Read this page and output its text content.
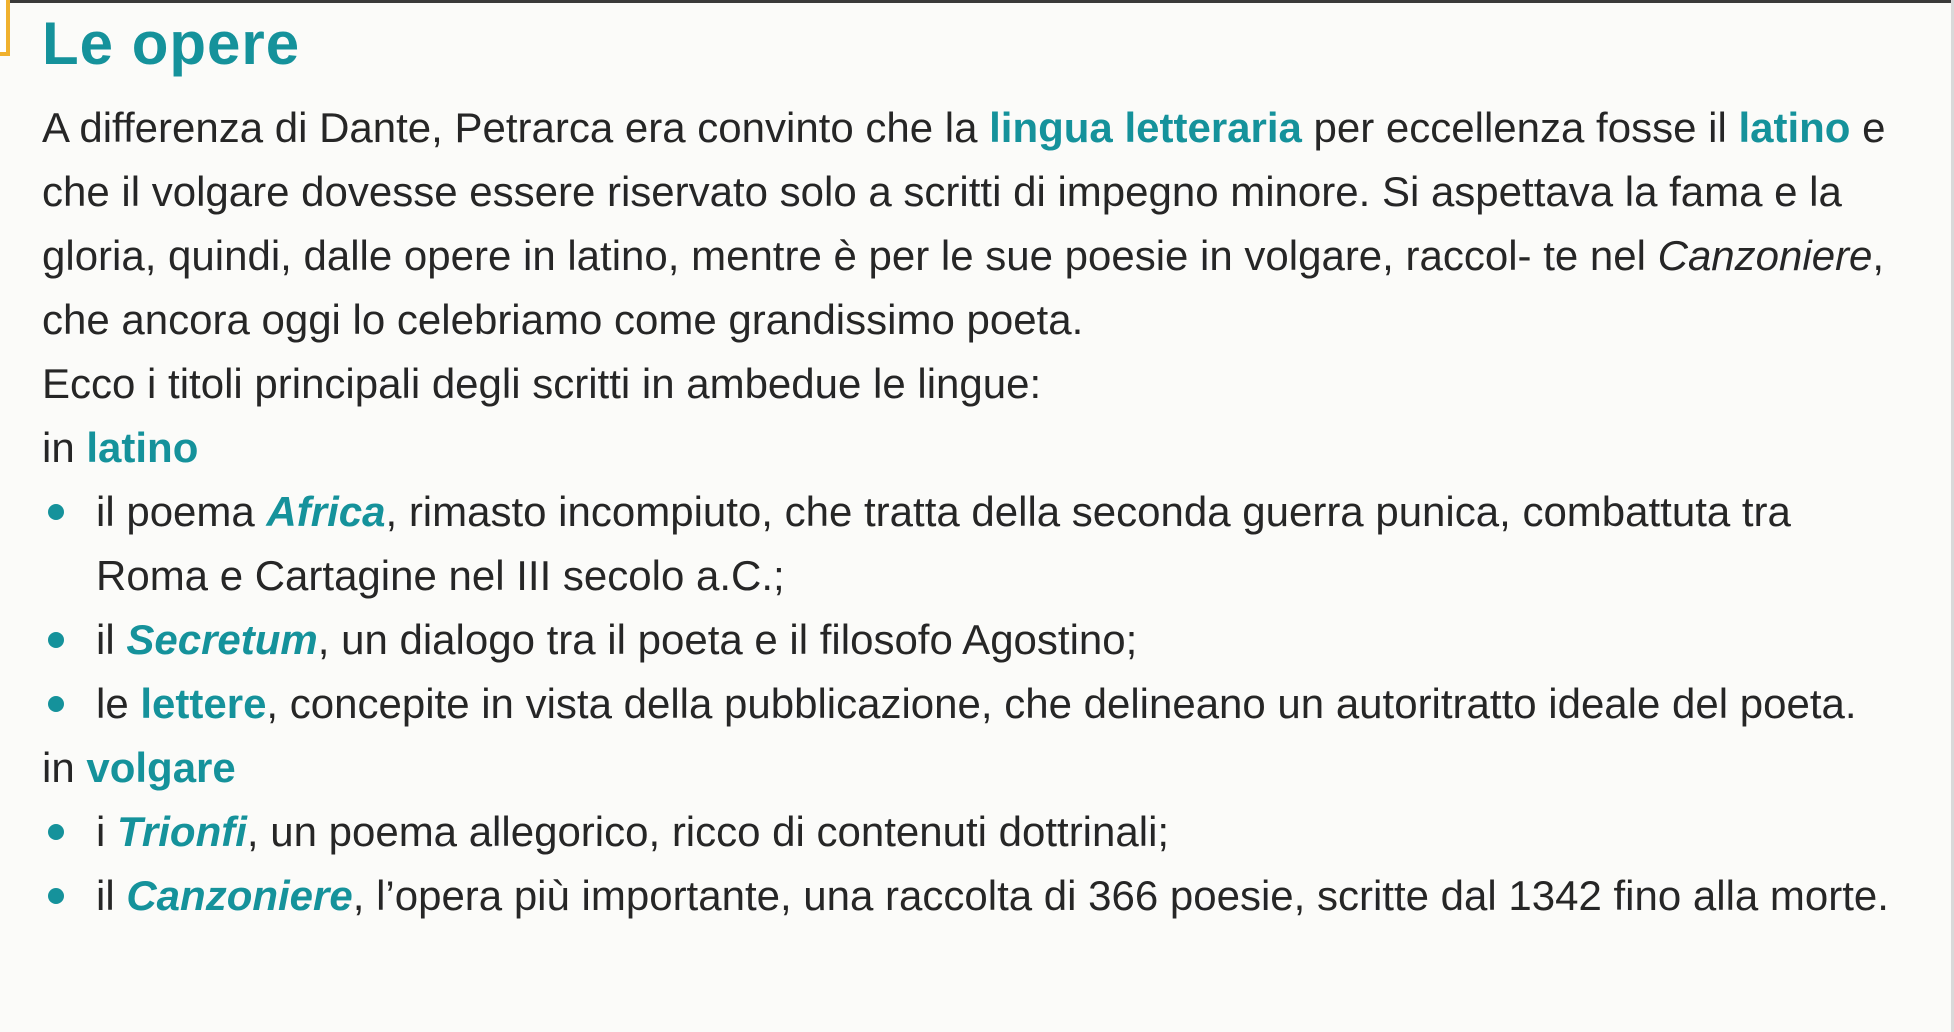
Le opere

A differenza di Dante, Petrarca era convinto che la lingua letteraria per eccellenza fosse il latino e che il volgare dovesse essere riservato solo a scritti di impegno minore. Si aspettava la fama e la gloria, quindi, dalle opere in latino, mentre è per le sue poesie in volgare, raccol- te nel Canzoniere, che ancora oggi lo celebriamo come grandissimo poeta.

Ecco i titoli principali degli scritti in ambedue le lingue:

in latino

il poema Africa, rimasto incompiuto, che tratta della seconda guerra punica, combattuta tra Roma e Cartagine nel III secolo a.C.;
il Secretum, un dialogo tra il poeta e il filosofo Agostino;
le lettere, concepite in vista della pubblicazione, che delineano un autoritratto ideale del poeta.

in volgare

i Trionfi, un poema allegorico, ricco di contenuti dottrinali;
il Canzoniere, l’opera più importante, una raccolta di 366 poesie, scritte dal 1342 fino alla morte.
